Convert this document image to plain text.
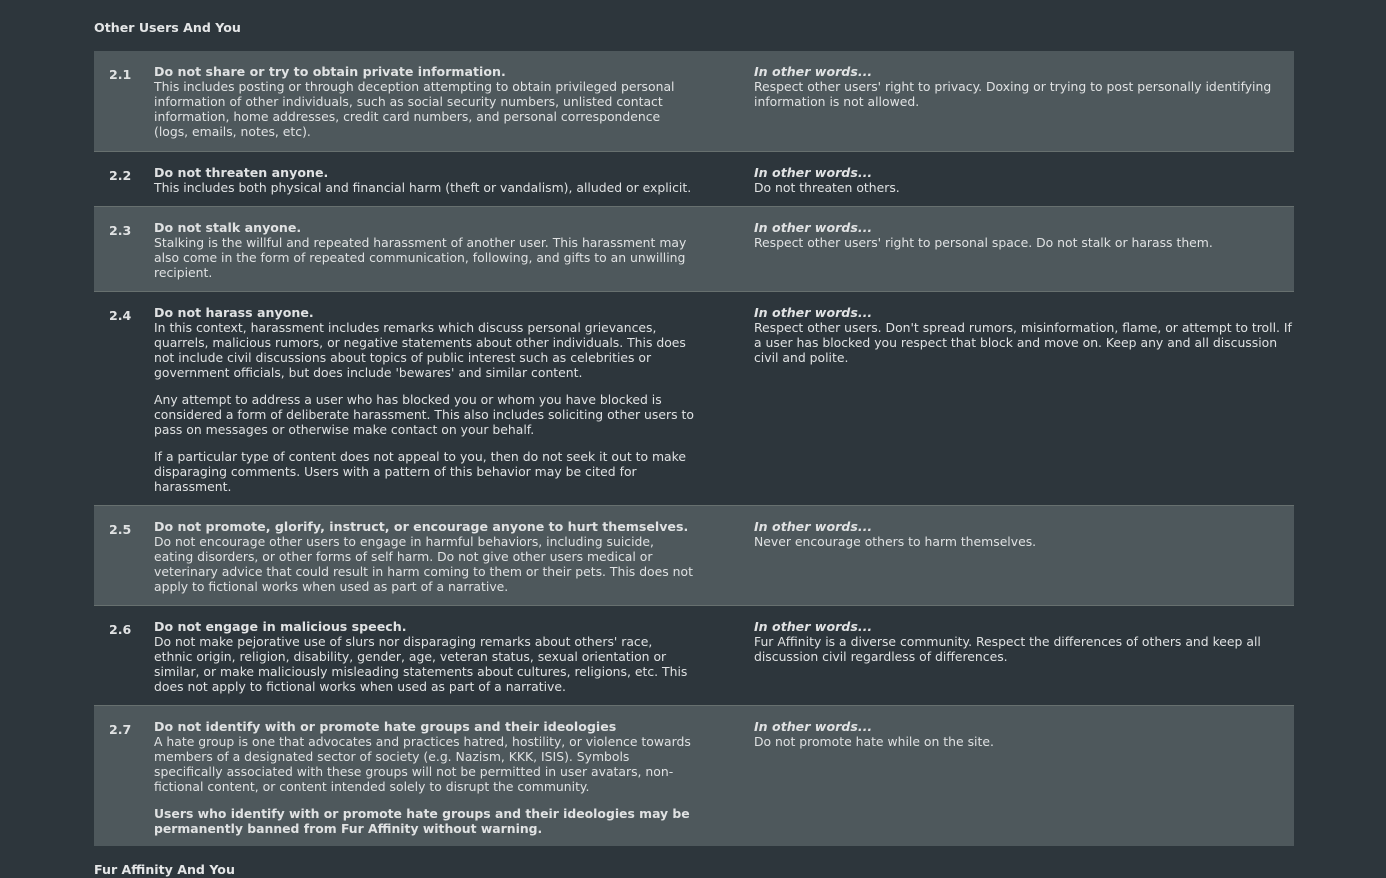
Other Users And You
2.1	Do not share or try to obtain private information.

This includes posting or through deception attempting to obtain privileged personal information of other individuals, such as social security numbers, unlisted contact information, home addresses, credit card numbers, and personal correspondence (logs, emails, notes, etc).

In other words...
Respect other users' right to privacy. Doxing or trying to post personally identifying information is not allowed.
2.2	Do not threaten anyone.

This includes both physical and financial harm (theft or vandalism), alluded or explicit.

In other words...
Do not threaten others.
2.3	Do not stalk anyone.

Stalking is the willful and repeated harassment of another user. This harassment may also come in the form of repeated communication, following, and gifts to an unwilling recipient.

In other words...
Respect other users' right to personal space. Do not stalk or harass them.
2.4	Do not harass anyone.

In this context, harassment includes remarks which discuss personal grievances, quarrels, malicious rumors, or negative statements about other individuals. This does not include civil discussions about topics of public interest such as celebrities or government officials, but does include 'bewares' and similar content.

Any attempt to address a user who has blocked you or whom you have blocked is considered a form of deliberate harassment. This also includes soliciting other users to pass on messages or otherwise make contact on your behalf.

If a particular type of content does not appeal to you, then do not seek it out to make disparaging comments. Users with a pattern of this behavior may be cited for harassment.

In other words...
Respect other users. Don't spread rumors, misinformation, flame, or attempt to troll. If a user has blocked you respect that block and move on. Keep any and all discussion civil and polite.
2.5	Do not promote, glorify, instruct, or encourage anyone to hurt themselves.

Do not encourage other users to engage in harmful behaviors, including suicide, eating disorders, or other forms of self harm. Do not give other users medical or veterinary advice that could result in harm coming to them or their pets. This does not apply to fictional works when used as part of a narrative.

In other words...
Never encourage others to harm themselves.
2.6	Do not engage in malicious speech.

Do not make pejorative use of slurs nor disparaging remarks about others' race, ethnic origin, religion, disability, gender, age, veteran status, sexual orientation or similar, or make maliciously misleading statements about cultures, religions, etc. This does not apply to fictional works when used as part of a narrative.

In other words...
Fur Affinity is a diverse community. Respect the differences of others and keep all discussion civil regardless of differences.
2.7	Do not identify with or promote hate groups and their ideologies

A hate group is one that advocates and practices hatred, hostility, or violence towards members of a designated sector of society (e.g. Nazism, KKK, ISIS). Symbols specifically associated with these groups will not be permitted in user avatars, non-fictional content, or content intended solely to disrupt the community.

Users who identify with or promote hate groups and their ideologies may be permanently banned from Fur Affinity without warning.

In other words...
Do not promote hate while on the site.
Fur Affinity And You
